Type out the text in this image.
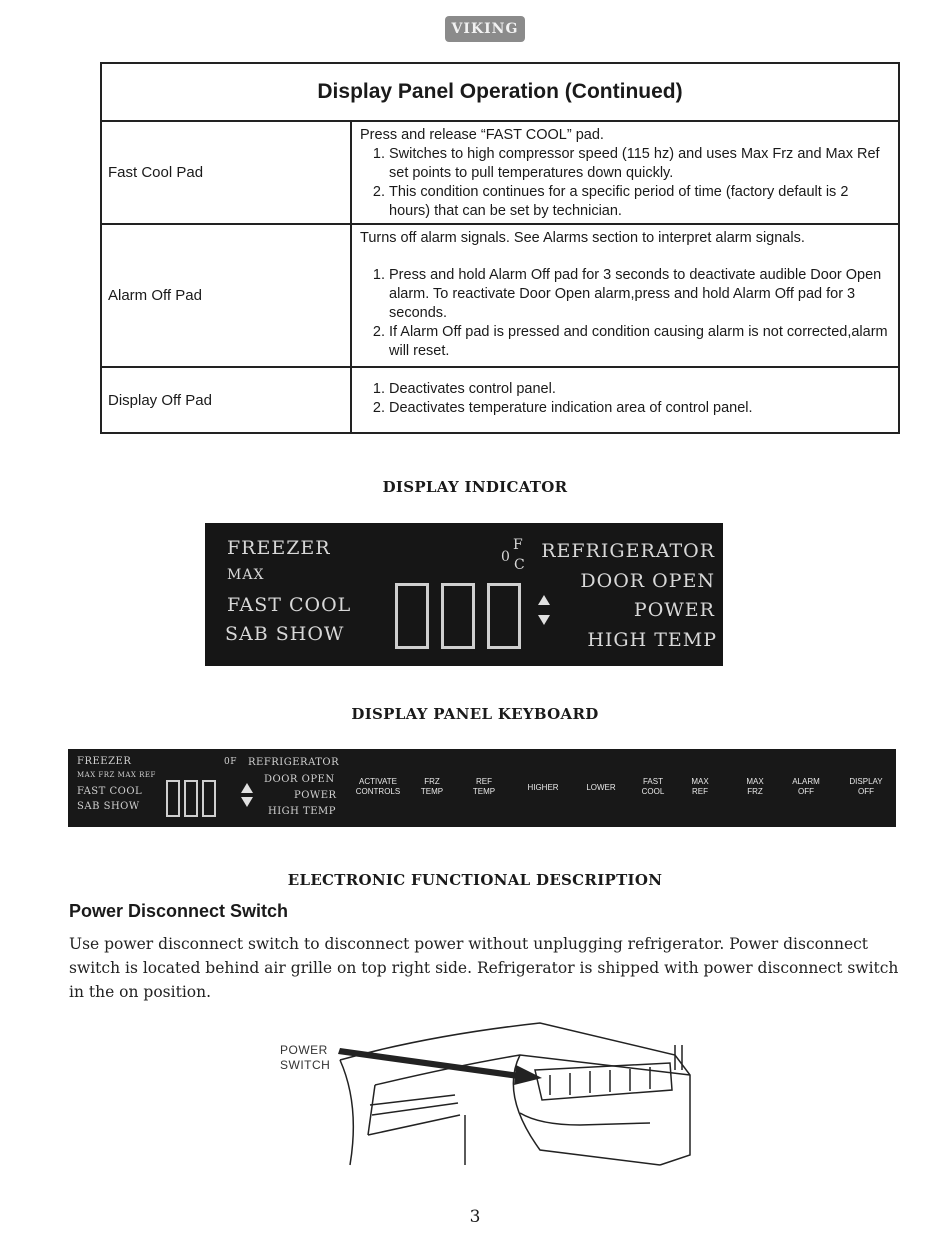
VIKING
Display Panel Operation (Continued)
Fast Cool Pad

Press and release “FAST COOL” pad.

1. Switches to high compressor speed (115 hz) and uses Max Frz and Max Ref set points to pull temperatures down quickly.
2. This condition continues for a specific period of time (factory default is 2 hours) that can be set by technician.
Alarm Off Pad

Turns off alarm signals. See Alarms section to interpret alarm signals.

1. Press and hold Alarm Off pad for 3 seconds to deactivate audible Door Open alarm. To reactivate Door Open alarm,press and hold Alarm Off pad for 3 seconds.
2. If Alarm Off pad is pressed and condition causing alarm is not corrected,alarm will reset.
Display Off Pad
1. Deactivates control panel.
2. Deactivates temperature indication area of control panel.
DISPLAY INDICATOR
FREEZER
MAX
FAST COOL
SAB SHOW
0
F
C
REFRIGERATOR
DOOR OPEN
POWER
HIGH TEMP
DISPLAY PANEL KEYBOARD
FREEZER
MAX FRZ MAX REF
FAST COOL
SAB SHOW
0F REFRIGERATOR
DOOR OPEN
POWER
HIGH TEMP
ACTIVATE
CONTROLS
FRZ
TEMP
REF
TEMP	HIGHER	LOWER
FAST
COOL
MAX
REF
MAX
FRZ
ALARM
OFF
DISPLAY
OFF
ELECTRONIC FUNCTIONAL DESCRIPTION
Power Disconnect Switch
Use power disconnect switch to disconnect power without unplugging refrigerator. Power disconnect switch is located behind air grille on top right side. Refrigerator is shipped with power disconnect switch in the on position.
POWER
SWITCH
3
